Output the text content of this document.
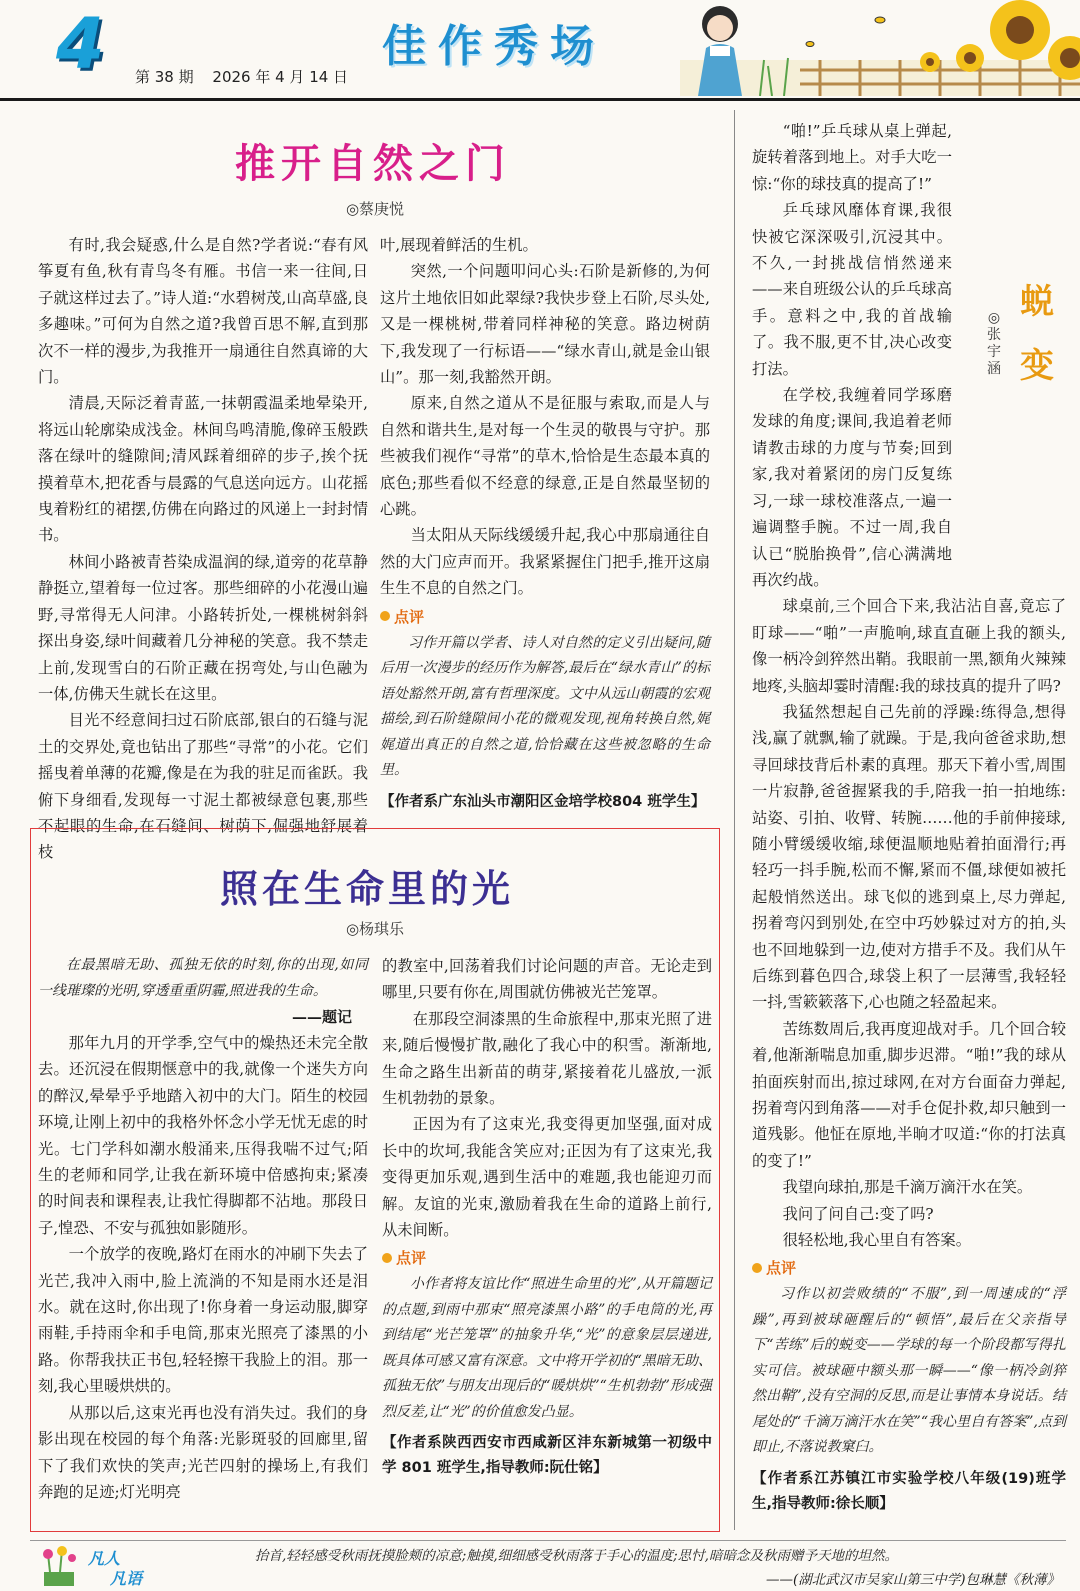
4 第 38 期 2026 年 4 月 14 日
佳作秀场
推开自然之门
◎蔡庚悦

有时,我会疑惑,什么是自然?学者说:“春有风筝夏有鱼,秋有青鸟冬有雁。书信一来一往间,日子就这样过去了。”诗人道:“水碧树茂,山高草盛,良多趣味。”可何为自然之道?我曾百思不解,直到那次不一样的漫步,为我推开一扇通往自然真谛的大门。

清晨,天际泛着青蓝,一抹朝霞温柔地晕染开,将远山轮廓染成浅金。林间鸟鸣清脆,像碎玉般跌落在绿叶的缝隙间;清风踩着细碎的步子,挨个抚摸着草木,把花香与晨露的气息送向远方。山花摇曳着粉红的裙摆,仿佛在向路过的风递上一封封情书。

林间小路被青苔染成温润的绿,道旁的花草静静挺立,望着每一位过客。那些细碎的小花漫山遍野,寻常得无人问津。小路转折处,一棵桃树斜斜探出身姿,绿叶间藏着几分神秘的笑意。我不禁走上前,发现雪白的石阶正藏在拐弯处,与山色融为一体,仿佛天生就长在这里。

目光不经意间扫过石阶底部,银白的石缝与泥土的交界处,竟也钻出了那些“寻常”的小花。它们摇曳着单薄的花瓣,像是在为我的驻足而雀跃。我俯下身细看,发现每一寸泥土都被绿意包裹,那些不起眼的生命,在石缝间、树荫下,倔强地舒展着枝

叶,展现着鲜活的生机。

突然,一个问题叩问心头:石阶是新修的,为何这片土地依旧如此翠绿?我快步登上石阶,尽头处,又是一棵桃树,带着同样神秘的笑意。路边树荫下,我发现了一行标语——“绿水青山,就是金山银山”。那一刻,我豁然开朗。

原来,自然之道从不是征服与索取,而是人与自然和谐共生,是对每一个生灵的敬畏与守护。那些被我们视作“寻常”的草木,恰恰是生态最本真的底色;那些看似不经意的绿意,正是自然最坚韧的心跳。

当太阳从天际线缓缓升起,我心中那扇通往自然的大门应声而开。我紧紧握住门把手,推开这扇生生不息的自然之门。

点评

习作开篇以学者、诗人对自然的定义引出疑问,随后用一次漫步的经历作为解答,最后在“绿水青山”的标语处豁然开朗,富有哲理深度。文中从远山朝霞的宏观描绘,到石阶缝隙间小花的微观发现,视角转换自然,娓娓道出真正的自然之道,恰恰藏在这些被忽略的生命里。

【作者系广东汕头市潮阳区金培学校804 班学生】

照在生命里的光
◎杨琪乐

在最黑暗无助、孤独无依的时刻,你的出现,如同一线璀璨的光明,穿透重重阴霾,照进我的生命。

——题记

那年九月的开学季,空气中的燥热还未完全散去。还沉浸在假期惬意中的我,就像一个迷失方向的醉汉,晕晕乎乎地踏入初中的大门。陌生的校园环境,让刚上初中的我格外怀念小学无忧无虑的时光。七门学科如潮水般涌来,压得我喘不过气;陌生的老师和同学,让我在新环境中倍感拘束;紧凑的时间表和课程表,让我忙得脚都不沾地。那段日子,惶恐、不安与孤独如影随形。

一个放学的夜晚,路灯在雨水的冲刷下失去了光芒,我冲入雨中,脸上流淌的不知是雨水还是泪水。就在这时,你出现了!你身着一身运动服,脚穿雨鞋,手持雨伞和手电筒,那束光照亮了漆黑的小路。你帮我扶正书包,轻轻擦干我脸上的泪。那一刻,我心里暖烘烘的。

从那以后,这束光再也没有消失过。我们的身影出现在校园的每个角落:光影斑驳的回廊里,留下了我们欢快的笑声;光芒四射的操场上,有我们奔跑的足迹;灯光明亮

的教室中,回荡着我们讨论问题的声音。无论走到哪里,只要有你在,周围就仿佛被光芒笼罩。

在那段空洞漆黑的生命旅程中,那束光照了进来,随后慢慢扩散,融化了我心中的积雪。渐渐地,生命之路生出新苗的萌芽,紧接着花儿盛放,一派生机勃勃的景象。

正因为有了这束光,我变得更加坚强,面对成长中的坎坷,我能含笑应对;正因为有了这束光,我变得更加乐观,遇到生活中的难题,我也能迎刃而解。友谊的光束,激励着我在生命的道路上前行,从未间断。

点评

小作者将友谊比作“照进生命里的光”,从开篇题记的点题,到雨中那束“照亮漆黑小路”的手电筒的光,再到结尾“光芒笼罩”的抽象升华,“光”的意象层层递进,既具体可感又富有深意。文中将开学初的“黑暗无助、孤独无依”与朋友出现后的“暖烘烘”“生机勃勃”形成强烈反差,让“光”的价值愈发凸显。

【作者系陕西西安市西咸新区沣东新城第一初级中学 801 班学生,指导教师:阮仕铭】

蜕变
◎张宇涵

“啪!”乒乓球从桌上弹起,旋转着落到地上。对手大吃一惊:“你的球技真的提高了!”

乒乓球风靡体育课,我很快被它深深吸引,沉浸其中。不久,一封挑战信悄然递来——来自班级公认的乒乓球高手。意料之中,我的首战输了。我不服,更不甘,决心改变打法。

在学校,我缠着同学琢磨发球的角度;课间,我追着老师请教击球的力度与节奏;回到家,我对着紧闭的房门反复练习,一球一球校准落点,一遍一遍调整手腕。不过一周,我自认已“脱胎换骨”,信心满满地再次约战。

球桌前,三个回合下来,我沾沾自喜,竟忘了盯球——“啪”一声脆响,球直直砸上我的额头,像一柄冷剑猝然出鞘。我眼前一黑,额角火辣辣地疼,头脑却霎时清醒:我的球技真的提升了吗?

我猛然想起自己先前的浮躁:练得急,想得浅,赢了就飘,输了就躁。于是,我向爸爸求助,想寻回球技背后朴素的真理。那天下着小雪,周围一片寂静,爸爸握紧我的手,陪我一拍一拍地练:站姿、引拍、收臂、转腕……他的手前伸接球,随小臂缓缓收缩,球便温顺地贴着拍面滑行;再轻巧一抖手腕,松而不懈,紧而不僵,球便如被托起般悄然送出。球飞似的逃到桌上,尽力弹起,拐着弯闪到别处,在空中巧妙躲过对方的拍,头也不回地躲到一边,使对方措手不及。我们从午后练到暮色四合,球袋上积了一层薄雪,我轻轻一抖,雪簌簌落下,心也随之轻盈起来。

苦练数周后,我再度迎战对手。几个回合较着,他渐渐喘息加重,脚步迟滞。“啪!”我的球从拍面疾射而出,掠过球网,在对方台面奋力弹起,拐着弯闪到角落——对手仓促扑救,却只触到一道残影。他怔在原地,半晌才叹道:“你的打法真的变了!”

我望向球拍,那是千滴万滴汗水在笑。

我问了问自己:变了吗?

很轻松地,我心里自有答案。

点评

习作以初尝败绩的“不服”,到一周速成的“浮躁”,再到被球砸醒后的“顿悟”,最后在父亲指导下“苦练”后的蜕变——学球的每一个阶段都写得扎实可信。被球砸中额头那一瞬——“像一柄冷剑猝然出鞘”,没有空洞的反思,而是让事情本身说话。结尾处的“千滴万滴汗水在笑”“我心里自有答案”,点到即止,不落说教窠臼。

【作者系江苏镇江市实验学校八年级(19)班学生,指导教师:徐长顺】

凡人
凡语
抬首,轻轻感受秋雨抚摸脸颊的凉意;触摸,细细感受秋雨落于手心的温度;思忖,暗暗念及秋雨赠予天地的坦然。
——(湖北武汉市吴家山第三中学)包琳慧《秋薄》
